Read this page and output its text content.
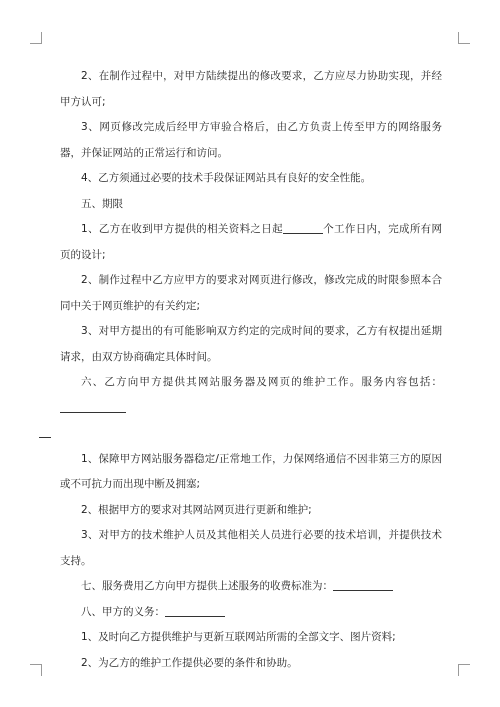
2、在制作过程中，对甲方陆续提出的修改要求，乙方应尽力协助实现，并经甲方认可;

3、网页修改完成后经甲方审验合格后，由乙方负责上传至甲方的网络服务器，并保证网站的正常运行和访问。

4、乙方须通过必要的技术手段保证网站具有良好的安全性能。

五、期限

1、乙方在收到甲方提供的相关资料之日起	个工作日内，完成所有网页的设计;

2、制作过程中乙方应甲方的要求对网页进行修改，修改完成的时限参照本合同中关于网页维护的有关约定;

3、对甲方提出的有可能影响双方约定的完成时间的要求，乙方有权提出延期请求，由双方协商确定具体时间。

六、乙方向甲方提供其网站服务器及网页的维护工作。服务内容包括：

1、保障甲方网站服务器稳定/正常地工作，力保网络通信不因非第三方的原因或不可抗力而出现中断及拥塞;

2、根据甲方的要求对其网站网页进行更新和维护;

3、对甲方的技术维护人员及其他相关人员进行必要的技术培训，并提供技术支持。

七、服务费用乙方向甲方提供上述服务的收费标准为：

八、甲方的义务：

1、及时向乙方提供维护与更新互联网站所需的全部文字、图片资料;

2、为乙方的维护工作提供必要的条件和协助。
